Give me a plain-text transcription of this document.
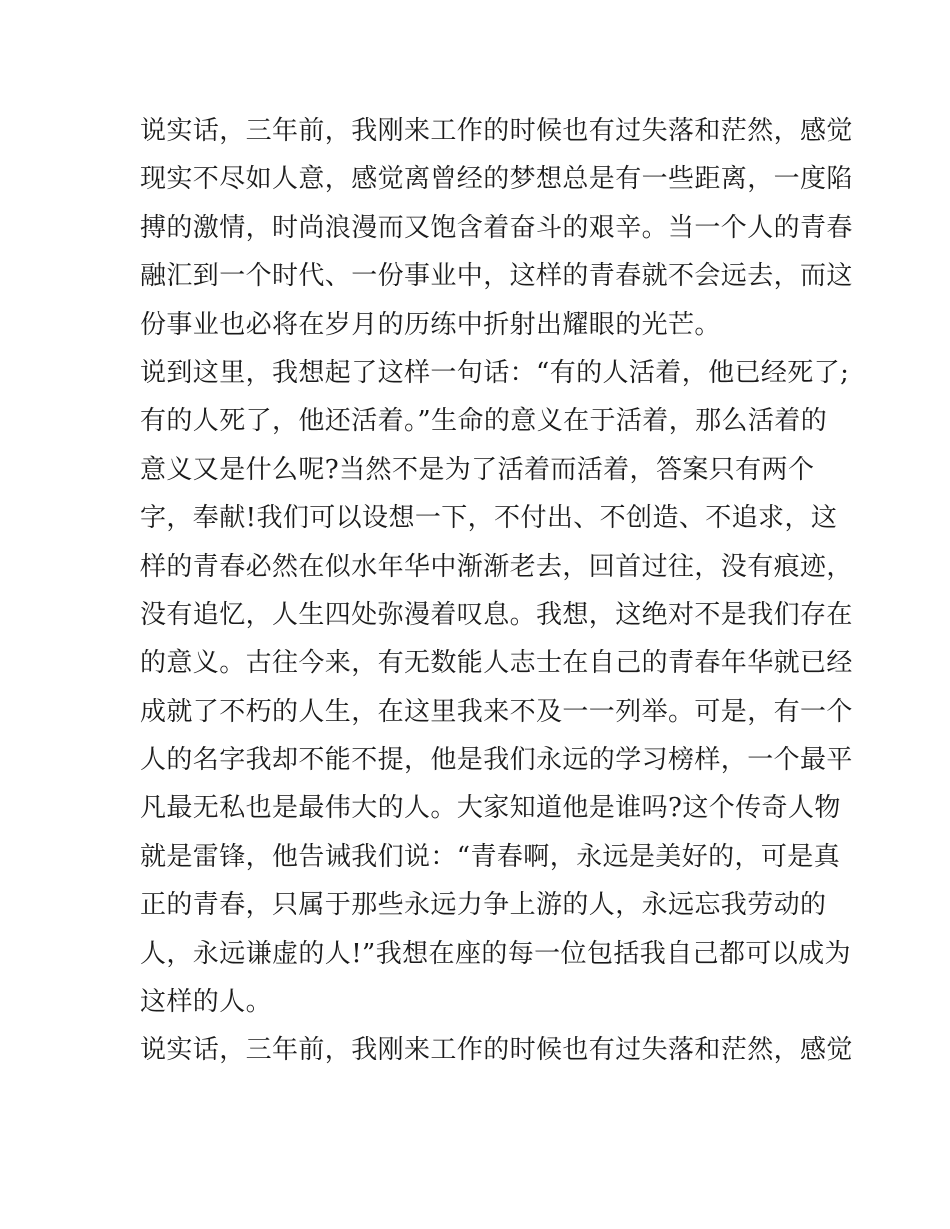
说实话，三年前，我刚来工作的时候也有过失落和茫然，感觉
现实不尽如人意，感觉离曾经的梦想总是有一些距离，一度陷
搏的激情，时尚浪漫而又饱含着奋斗的艰辛。当一个人的青春
融汇到一个时代、一份事业中，这样的青春就不会远去，而这
份事业也必将在岁月的历练中折射出耀眼的光芒。
说到这里，我想起了这样一句话：“有的人活着，他已经死了;
有的人死了，他还活着。”生命的意义在于活着，那么活着的
意义又是什么呢?当然不是为了活着而活着，答案只有两个
字，奉献!我们可以设想一下，不付出、不创造、不追求，这
样的青春必然在似水年华中渐渐老去，回首过往，没有痕迹，
没有追忆，人生四处弥漫着叹息。我想，这绝对不是我们存在
的意义。古往今来，有无数能人志士在自己的青春年华就已经
成就了不朽的人生，在这里我来不及一一列举。可是，有一个
人的名字我却不能不提，他是我们永远的学习榜样，一个最平
凡最无私也是最伟大的人。大家知道他是谁吗?这个传奇人物
就是雷锋，他告诫我们说：“青春啊，永远是美好的，可是真
正的青春，只属于那些永远力争上游的人，永远忘我劳动的
人，永远谦虚的人!”我想在座的每一位包括我自己都可以成为
这样的人。
说实话，三年前，我刚来工作的时候也有过失落和茫然，感觉
